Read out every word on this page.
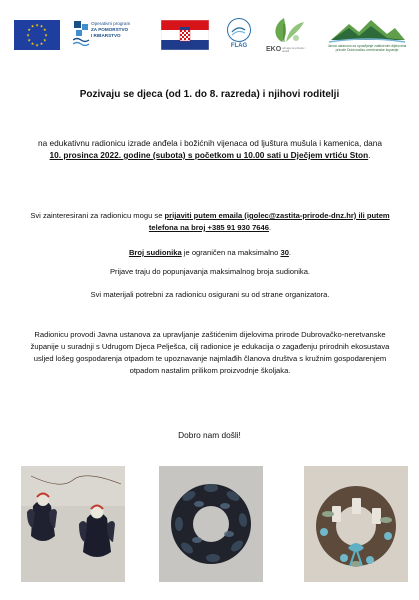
★ ★
★
★
★
★
★
★
★
★
★
★
Operativni program
ZA POMORSTVO
I RIBARSTVO
FLAG	EKO udruga za prirodu i okoliš
Javna ustanova za upravljanje zaštićenim dijelovima prirode Dubrovačko-neretvanske županije
Pozivaju se djeca (od 1. do 8. razreda) i njihovi roditelji
na edukativnu radionicu izrade anđela i božićnih vijenaca od ljuštura mušula i kamenica, dana 10. prosinca 2022. godine (subota) s početkom u 10.00 sati u Dječjem vrtiću Ston.
Svi zainteresirani za radionicu mogu se prijaviti putem emaila (igolec@zastita-prirode-dnz.hr) ili putem telefona na broj +385 91 930 7646.
Broj sudionika je ograničen na maksimalno 30.
Prijave traju do popunjavanja maksimalnog broja sudionika.
Svi materijali potrebni za radionicu osigurani su od strane organizatora.
Radionicu provodi Javna ustanova za upravljanje zaštićenim dijelovima prirode Dubrovačko-neretvanske županije u suradnji s Udrugom Djeca Pelješca, cilj radionice je edukacija o zagađenju prirodnih ekosustava usljed lošeg gospodarenja otpadom te upoznavanje najmlađih članova društva s kružnim gospodarenjem otpadom nastalim prilikom proizvodnje školjaka.
Dobro nam došli!
